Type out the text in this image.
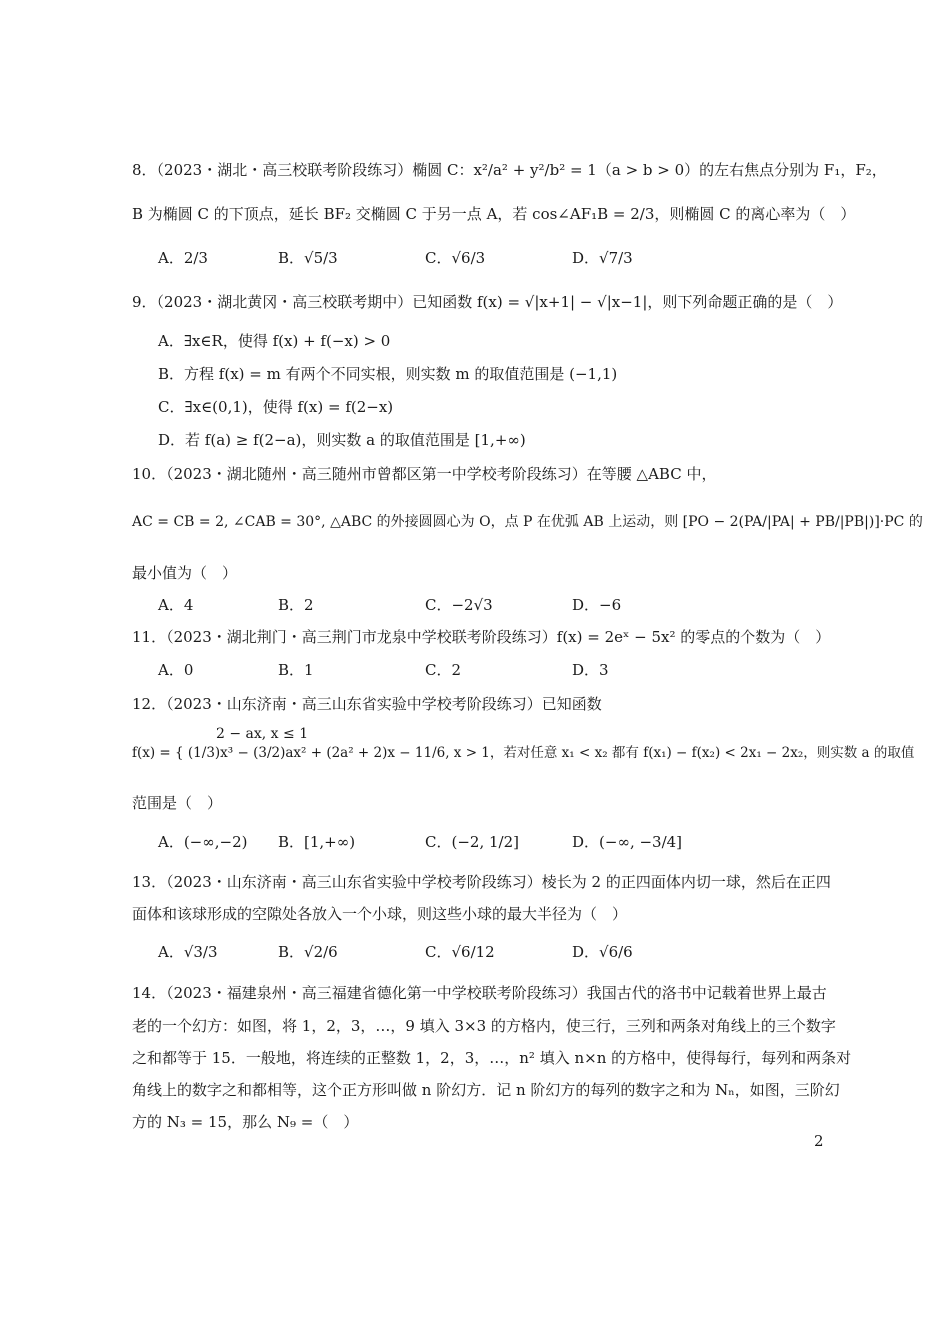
8．（2023・湖北・高三校联考阶段练习）椭圆 C：x²/a² + y²/b² = 1（a > b > 0）的左右焦点分别为 F₁，F₂，
B 为椭圆 C 的下顶点，延长 BF₂ 交椭圆 C 于另一点 A，若 cos∠AF₁B = 2/3，则椭圆 C 的离心率为（　）
A．2/3	B．√5/3	C．√6/3	D．√7/3
9．（2023・湖北黄冈・高三校联考期中）已知函数 f(x) = √|x+1| − √|x−1|，则下列命题正确的是（　）
A．∃x∈R，使得 f(x) + f(−x) > 0
B．方程 f(x) = m 有两个不同实根，则实数 m 的取值范围是 (−1,1)
C．∃x∈(0,1)，使得 f(x) = f(2−x)
D．若 f(a) ≥ f(2−a)，则实数 a 的取值范围是 [1,+∞)
10．（2023・湖北随州・高三随州市曾都区第一中学校考阶段练习）在等腰 △ABC 中，
AC = CB = 2, ∠CAB = 30°, △ABC 的外接圆圆心为 O，点 P 在优弧 AB 上运动，则 [PO − 2(PA/|PA| + PB/|PB|)]·PC 的
最小值为（　）
A．4	B．2	C．−2√3	D．−6
11．（2023・湖北荆门・高三荆门市龙泉中学校联考阶段练习）f(x) = 2eˣ − 5x² 的零点的个数为（　）
A．0	B．1	C．2	D．3
12．（2023・山东济南・高三山东省实验中学校考阶段练习）已知函数
　　　　　　2 − ax, x ≤ 1
f(x) = { (1/3)x³ − (3/2)ax² + (2a² + 2)x − 11/6, x > 1，若对任意 x₁ < x₂ 都有 f(x₁) − f(x₂) < 2x₁ − 2x₂，则实数 a 的取值
范围是（　）
A．(−∞,−2) B．[1,+∞)	C．(−2, 1/2]	D．(−∞, −3/4]
13．（2023・山东济南・高三山东省实验中学校考阶段练习）棱长为 2 的正四面体内切一球，然后在正四
面体和该球形成的空隙处各放入一个小球，则这些小球的最大半径为（　）
A．√3/3	B．√2/6	C．√6/12	D．√6/6
14．（2023・福建泉州・高三福建省德化第一中学校联考阶段练习）我国古代的洛书中记载着世界上最古
老的一个幻方：如图，将 1，2，3，…，9 填入 3×3 的方格内，使三行，三列和两条对角线上的三个数字
之和都等于 15．一般地，将连续的正整数 1，2，3，…，n² 填入 n×n 的方格中，使得每行，每列和两条对
角线上的数字之和都相等，这个正方形叫做 n 阶幻方．记 n 阶幻方的每列的数字之和为 Nₙ，如图，三阶幻
方的 N₃ = 15，那么 N₉ =（　）
2
